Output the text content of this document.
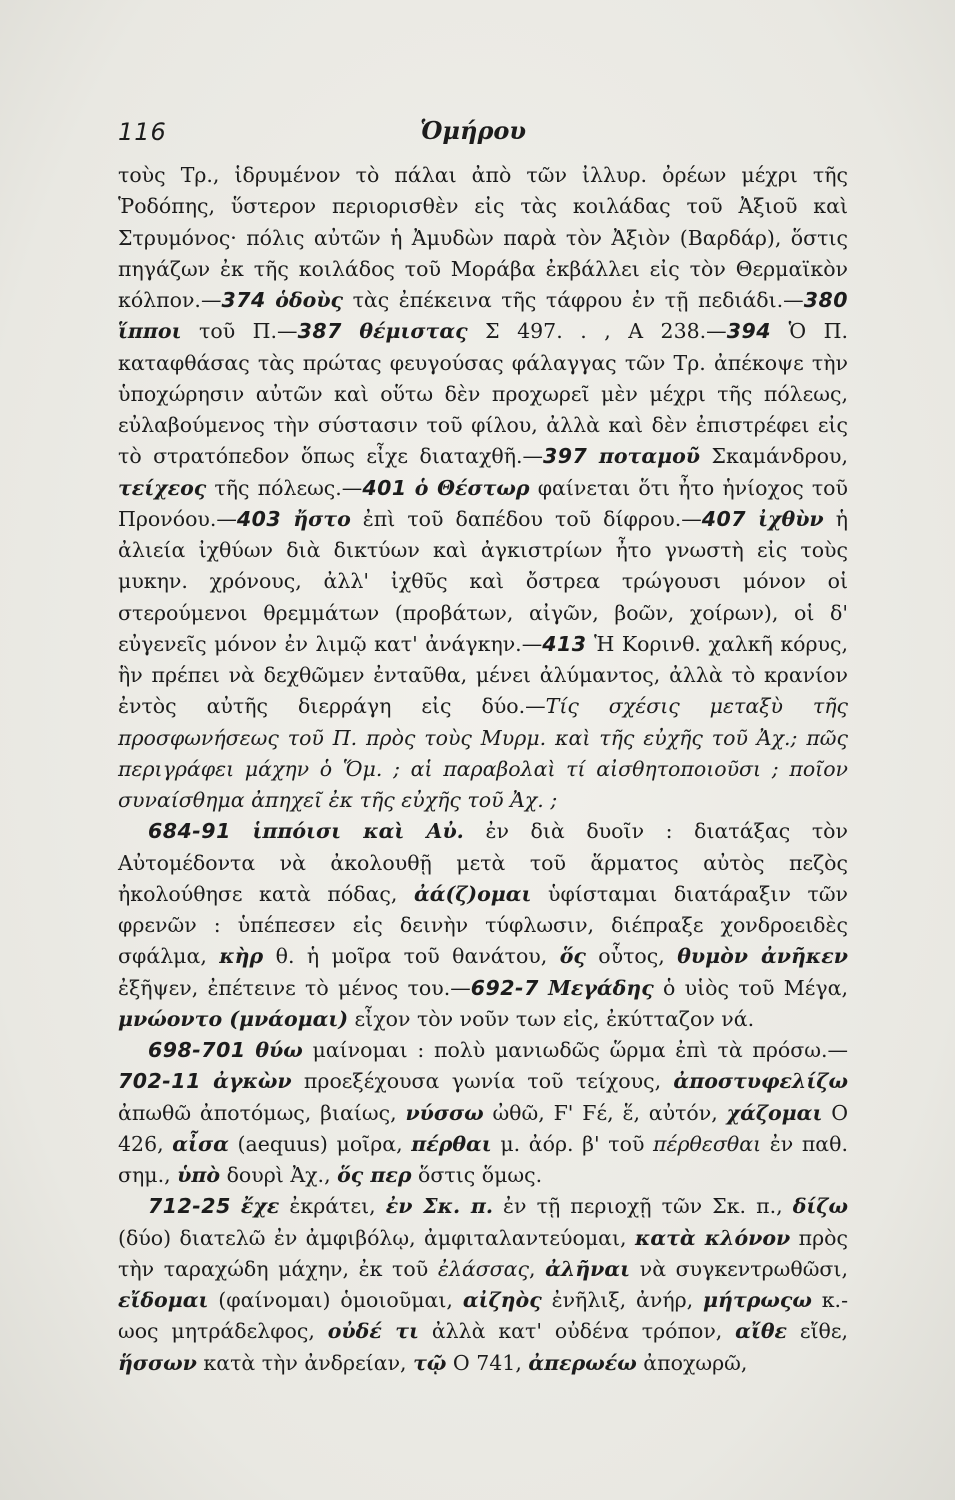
116	Ὁμήρου

τοὺς Τρ., ἱδρυμένον τὸ πάλαι ἀπὸ τῶν ἰλλυρ. ὀρέων μέχρι τῆς Ῥοδόπης, ὕστερον περιορισθὲν εἰς τὰς κοιλάδας τοῦ Ἀξιοῦ καὶ Στρυμόνος· πόλις αὐτῶν ἡ Ἀμυδὼν παρὰ τὸν Ἀξιὸν (Βαρδάρ), ὅστις πηγάζων ἐκ τῆς κοιλάδος τοῦ Μοράβα ἐκβάλλει εἰς τὸν Θερμαϊκὸν κόλπον.—374 ὁδοὺς τὰς ἐπέκεινα τῆς τάφρου ἐν τῇ πεδιάδι.—380 ἵπποι τοῦ Π.—387 θέμιστας Σ 497. . , Α 238.—394 Ὁ Π. καταφθάσας τὰς πρώτας φευγούσας φάλαγγας τῶν Τρ. ἀπέκοψε τὴν ὑποχώρησιν αὐτῶν καὶ οὕτω δὲν προχωρεῖ μὲν μέχρι τῆς πόλεως, εὐλαβούμενος τὴν σύστασιν τοῦ φίλου, ἀλλὰ καὶ δὲν ἐπιστρέφει εἰς τὸ στρατόπεδον ὅπως εἶχε διαταχθῆ.—397 ποταμοῦ Σκαμάνδρου, τείχεος τῆς πόλεως.—401 ὁ Θέστωρ φαίνεται ὅτι ἦτο ἡνίοχος τοῦ Προνόου.—403 ἤστο ἐπὶ τοῦ δαπέδου τοῦ δίφρου.—407 ἰχθὺν ἡ ἀλιεία ἰχθύων διὰ δικτύων καὶ ἀγκιστρίων ἦτο γνωστὴ εἰς τοὺς μυκην. χρόνους, ἀλλ' ἰχθῦς καὶ ὄστρεα τρώγουσι μόνον οἱ στερούμενοι θρεμμάτων (προβάτων, αἰγῶν, βοῶν, χοίρων), οἱ δ' εὐγενεῖς μόνον ἐν λιμῷ κατ' ἀνάγκην.—413 Ἡ Κορινθ. χαλκῆ κόρυς, ἣν πρέπει νὰ δεχθῶμεν ἐνταῦθα, μένει ἀλύμαντος, ἀλλὰ τὸ κρανίον ἐντὸς αὐτῆς διερράγη εἰς δύο.—Τίς σχέσις μεταξὺ τῆς προσφωνήσεως τοῦ Π. πρὸς τοὺς Μυρμ. καὶ τῆς εὐχῆς τοῦ Ἀχ.; πῶς περιγράφει μάχην ὁ Ὅμ. ; αἱ παραβολαὶ τί αἰσθητοποιοῦσι ; ποῖον συναίσθημα ἀπηχεῖ ἐκ τῆς εὐχῆς τοῦ Ἀχ. ;

684-91 ἱππόισι καὶ Αὐ. ἐν διὰ δυοῖν : διατάξας τὸν Αὐτομέδοντα νὰ ἀκολουθῇ μετὰ τοῦ ἅρματος αὐτὸς πεζὸς ἠκολούθησε κατὰ πόδας, ἀά(ζ)ομαι ὑφίσταμαι διατάραξιν τῶν φρενῶν : ὑπέπεσεν εἰς δεινὴν τύφλωσιν, διέπραξε χονδροειδὲς σφάλμα, κὴρ θ. ἡ μοῖρα τοῦ θανάτου, ὅς οὗτος, θυμὸν ἀνῆκεν ἐξῆψεν, ἐπέτεινε τὸ μένος του.—692-7 Μεγάδης ὁ υἱὸς τοῦ Μέγα, μνώοντο (μνάομαι) εἶχον τὸν νοῦν των εἰς, ἐκύτταζον νά.

698-701 θύω μαίνομαι : πολὺ μανιωδῶς ὥρμα ἐπὶ τὰ πρόσω.—702-11 ἀγκὼν προεξέχουσα γωνία τοῦ τείχους, ἀποστυφελίζω ἀπωθῶ ἀποτόμως, βιαίως, νύσσω ὠθῶ, Ϝ' Ϝέ, ἕ, αὐτόν, χάζομαι Ο 426, αἶσα (aequus) μοῖρα, πέρθαι μ. ἀόρ. β' τοῦ πέρθεσθαι ἐν παθ. σημ., ὑπὸ δουρὶ Ἀχ., ὅς περ ὅστις ὅμως.

712-25 ἔχε ἐκράτει, ἐν Σκ. π. ἐν τῇ περιοχῇ τῶν Σκ. π., δίζω (δύο) διατελῶ ἐν ἀμφιβόλῳ, ἀμφιταλαντεύομαι, κατὰ κλόνον πρὸς τὴν ταραχώδη μάχην, ἐκ τοῦ ἐλάσσας, ἀλῆναι νὰ συγκεντρωθῶσι, εἴδομαι (φαίνομαι) ὁμοιοῦμαι, αἰζηὸς ἐνῆλιξ, ἀνήρ, μήτρωςω κ.-ωος μητράδελφος, οὐδέ τι ἀλλὰ κατ' οὐδένα τρόπον, αἴθε εἴθε, ἥσσων κατὰ τὴν ἀνδρείαν, τῷ Ο 741, ἀπερωέω ἀποχωρῶ,
